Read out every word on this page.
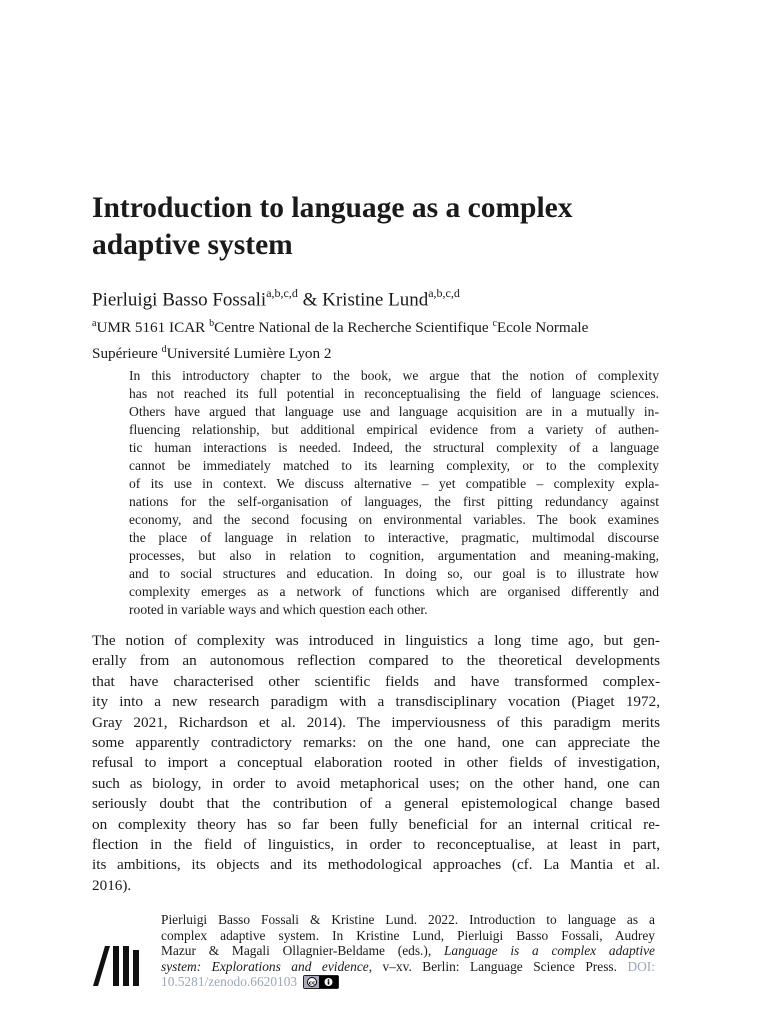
Introduction to language as a complex
adaptive system
Pierluigi Basso Fossali$^{a,b,c,d}$ & Kristine Lund$^{a,b,c,d}$
$^a$UMR 5161 ICAR $^b$Centre National de la Recherche Scientifique $^c$Ecole Normale
Supérieure $^d$Université Lumière Lyon 2
In this introductory chapter to the book, we argue that the notion of complexity
has not reached its full potential in reconceptualising the field of language sciences.
Others have argued that language use and language acquisition are in a mutually in-
fluencing relationship, but additional empirical evidence from a variety of authen-
tic human interactions is needed. Indeed, the structural complexity of a language
cannot be immediately matched to its learning complexity, or to the complexity
of its use in context. We discuss alternative – yet compatible – complexity expla-
nations for the self-organisation of languages, the first pitting redundancy against
economy, and the second focusing on environmental variables. The book examines
the place of language in relation to interactive, pragmatic, multimodal discourse
processes, but also in relation to cognition, argumentation and meaning-making,
and to social structures and education. In doing so, our goal is to illustrate how
complexity emerges as a network of functions which are organised differently and
rooted in variable ways and which question each other.
The notion of complexity was introduced in linguistics a long time ago, but gen-
erally from an autonomous reflection compared to the theoretical developments
that have characterised other scientific fields and have transformed complex-
ity into a new research paradigm with a transdisciplinary vocation (Piaget 1972,
Gray 2021, Richardson et al. 2014). The imperviousness of this paradigm merits
some apparently contradictory remarks: on the one hand, one can appreciate the
refusal to import a conceptual elaboration rooted in other fields of investigation,
such as biology, in order to avoid metaphorical uses; on the other hand, one can
seriously doubt that the contribution of a general epistemological change based
on complexity theory has so far been fully beneficial for an internal critical re-
flection in the field of linguistics, in order to reconceptualise, at least in part,
its ambitions, its objects and its methodological approaches (cf. La Mantia et al.
2016).
Pierluigi Basso Fossali & Kristine Lund. 2022. Introduction to language as a
complex adaptive system. In Kristine Lund, Pierluigi Basso Fossali, Audrey
Mazur & Magali Ollagnier-Beldame (eds.), Language is a complex adaptive
system: Explorations and evidence, v–xv. Berlin: Language Science Press. DOI:
10.5281/zenodo.6620103 cc
